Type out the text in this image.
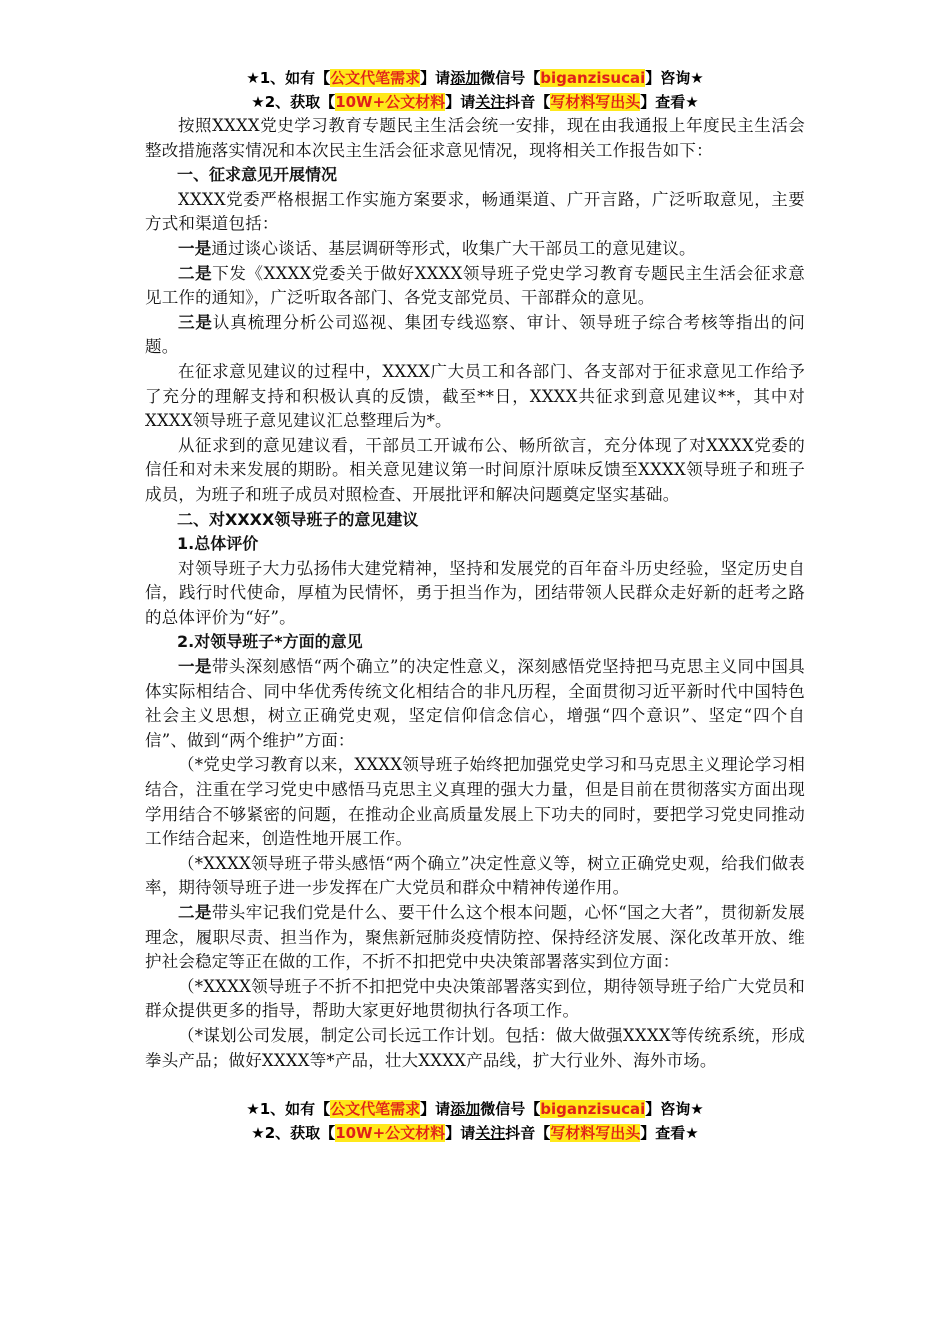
★1、如有【公文代笔需求】请添加微信号【biganzisucai】咨询★
★2、获取【10W+公文材料】请关注抖音【写材料写出头】查看★

按照XXXX党史学习教育专题民主生活会统一安排，现在由我通报上年度民主生活会整改措施落实情况和本次民主生活会征求意见情况，现将相关工作报告如下：

一、征求意见开展情况

XXXX党委严格根据工作实施方案要求，畅通渠道、广开言路，广泛听取意见，主要方式和渠道包括：

一是通过谈心谈话、基层调研等形式，收集广大干部员工的意见建议。

二是下发《XXXX党委关于做好XXXX领导班子党史学习教育专题民主生活会征求意见工作的通知》，广泛听取各部门、各党支部党员、干部群众的意见。

三是认真梳理分析公司巡视、集团专线巡察、审计、领导班子综合考核等指出的问题。

在征求意见建议的过程中，XXXX广大员工和各部门、各支部对于征求意见工作给予了充分的理解支持和积极认真的反馈，截至**日，XXXX共征求到意见建议**，其中对XXXX领导班子意见建议汇总整理后为*。

从征求到的意见建议看，干部员工开诚布公、畅所欲言，充分体现了对XXXX党委的信任和对未来发展的期盼。相关意见建议第一时间原汁原味反馈至XXXX领导班子和班子成员，为班子和班子成员对照检查、开展批评和解决问题奠定坚实基础。

二、对XXXX领导班子的意见建议

1.总体评价

对领导班子大力弘扬伟大建党精神，坚持和发展党的百年奋斗历史经验，坚定历史自信，践行时代使命，厚植为民情怀，勇于担当作为，团结带领人民群众走好新的赶考之路的总体评价为“好”。

2.对领导班子*方面的意见

一是带头深刻感悟“两个确立”的决定性意义，深刻感悟党坚持把马克思主义同中国具体实际相结合、同中华优秀传统文化相结合的非凡历程，全面贯彻习近平新时代中国特色社会主义思想，树立正确党史观，坚定信仰信念信心，增强“四个意识”、坚定“四个自信”、做到“两个维护”方面：

（*党史学习教育以来，XXXX领导班子始终把加强党史学习和马克思主义理论学习相结合，注重在学习党史中感悟马克思主义真理的强大力量，但是目前在贯彻落实方面出现学用结合不够紧密的问题，在推动企业高质量发展上下功夫的同时，要把学习党史同推动工作结合起来，创造性地开展工作。

（*XXXX领导班子带头感悟“两个确立”决定性意义等，树立正确党史观，给我们做表率，期待领导班子进一步发挥在广大党员和群众中精神传递作用。

二是带头牢记我们党是什么、要干什么这个根本问题，心怀“国之大者”，贯彻新发展理念，履职尽责、担当作为，聚焦新冠肺炎疫情防控、保持经济发展、深化改革开放、维护社会稳定等正在做的工作，不折不扣把党中央决策部署落实到位方面：

（*XXXX领导班子不折不扣把党中央决策部署落实到位，期待领导班子给广大党员和群众提供更多的指导，帮助大家更好地贯彻执行各项工作。

（*谋划公司发展，制定公司长远工作计划。包括：做大做强XXXX等传统系统，形成拳头产品；做好XXXX等*产品，壮大XXXX产品线，扩大行业外、海外市场。

★1、如有【公文代笔需求】请添加微信号【biganzisucai】咨询★
★2、获取【10W+公文材料】请关注抖音【写材料写出头】查看★
